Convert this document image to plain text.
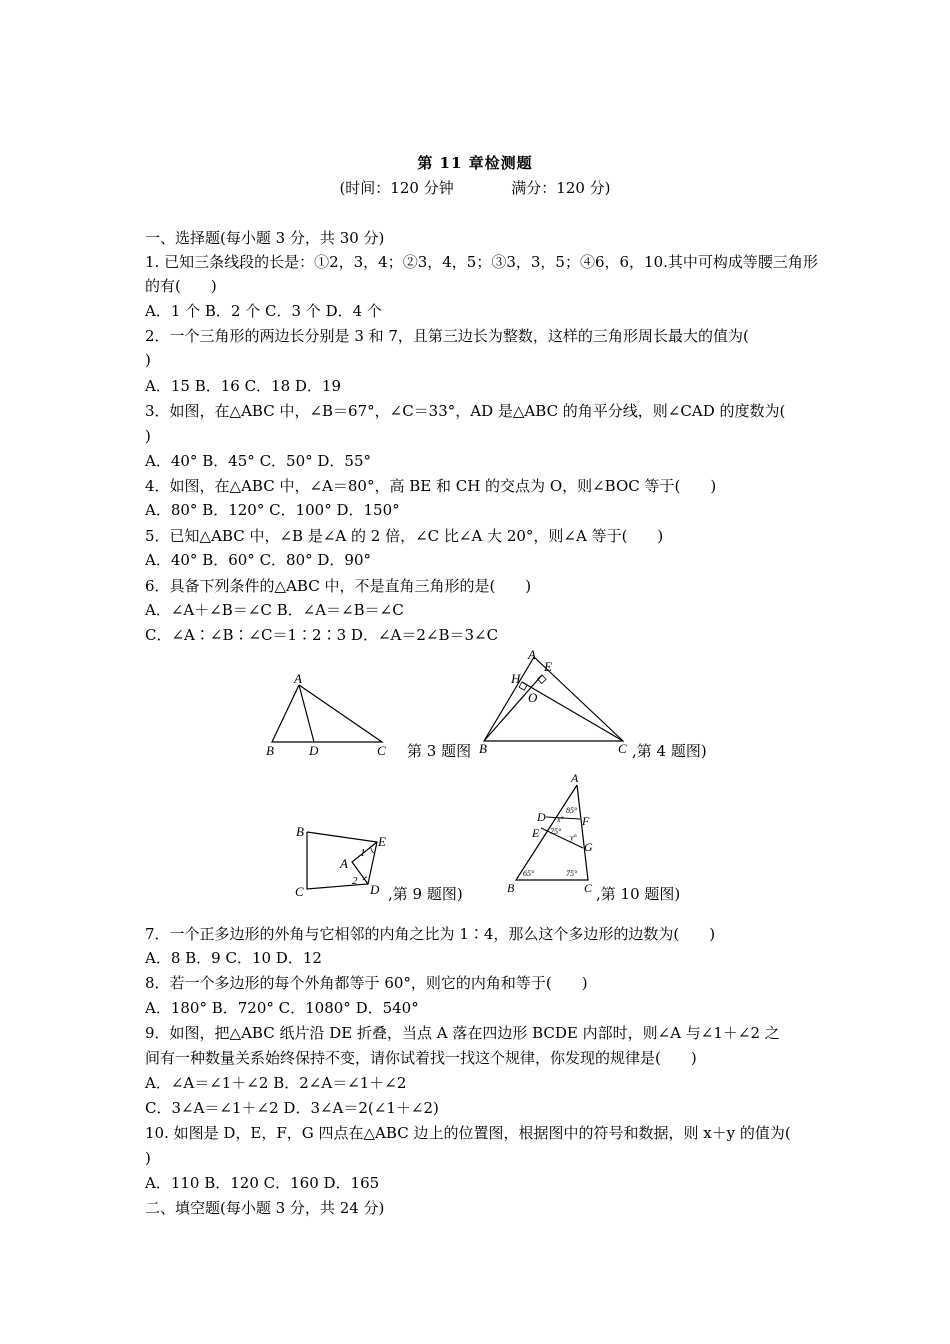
第 11 章检测题
(时间：120 分钟	满分：120 分)
一、选择题(每小题 3 分，共 30 分)
1. 已知三条线段的长是：①2，3，4；②3，4，5；③3，3，5；④6，6，10.其中可构成等腰三角形
的有(　　)
A．1 个 B．2 个 C．3 个 D．4 个
2．一个三角形的两边长分别是 3 和 7，且第三边长为整数，这样的三角形周长最大的值为(
)
A．15 B．16 C．18 D．19
3．如图，在△ABC 中，∠B＝67°，∠C＝33°，AD 是△ABC 的角平分线，则∠CAD 的度数为(
)
A．40° B．45° C．50° D．55°
4．如图，在△ABC 中，∠A＝80°，高 BE 和 CH 的交点为 O，则∠BOC 等于(　　)
A．80° B．120° C．100° D．150°
5．已知△ABC 中，∠B 是∠A 的 2 倍，∠C 比∠A 大 20°，则∠A 等于(　　)
A．40° B．60° C．80° D．90°
6．具备下列条件的△ABC 中，不是直角三角形的是(　　)
A．∠A＋∠B＝∠C B．∠A＝∠B＝∠C
C．∠A∶∠B∶∠C＝1∶2∶3 D．∠A＝2∠B＝3∠C
A
B	D	C 第 3 题图
A
E
H
O
B	C ,第 4 题图)
B
E
1
A
2
C	D ,第 9 题图)
A
85°
D x° F
E 75°
y°
G
65°	75°
B	C ,第 10 题图)
7．一个正多边形的外角与它相邻的内角之比为 1∶4，那么这个多边形的边数为(　　)
A．8 B．9 C．10 D．12
8．若一个多边形的每个外角都等于 60°，则它的内角和等于(　　)
A．180° B．720° C．1080° D．540°
9．如图，把△ABC 纸片沿 DE 折叠，当点 A 落在四边形 BCDE 内部时，则∠A 与∠1＋∠2 之
间有一种数量关系始终保持不变，请你试着找一找这个规律，你发现的规律是(　　)
A．∠A＝∠1＋∠2 B．2∠A＝∠1＋∠2
C．3∠A＝∠1＋∠2 D．3∠A＝2(∠1＋∠2)
10. 如图是 D，E，F，G 四点在△ABC 边上的位置图，根据图中的符号和数据，则 x＋y 的值为(
)
A．110 B．120 C．160 D．165
二、填空题(每小题 3 分，共 24 分)
